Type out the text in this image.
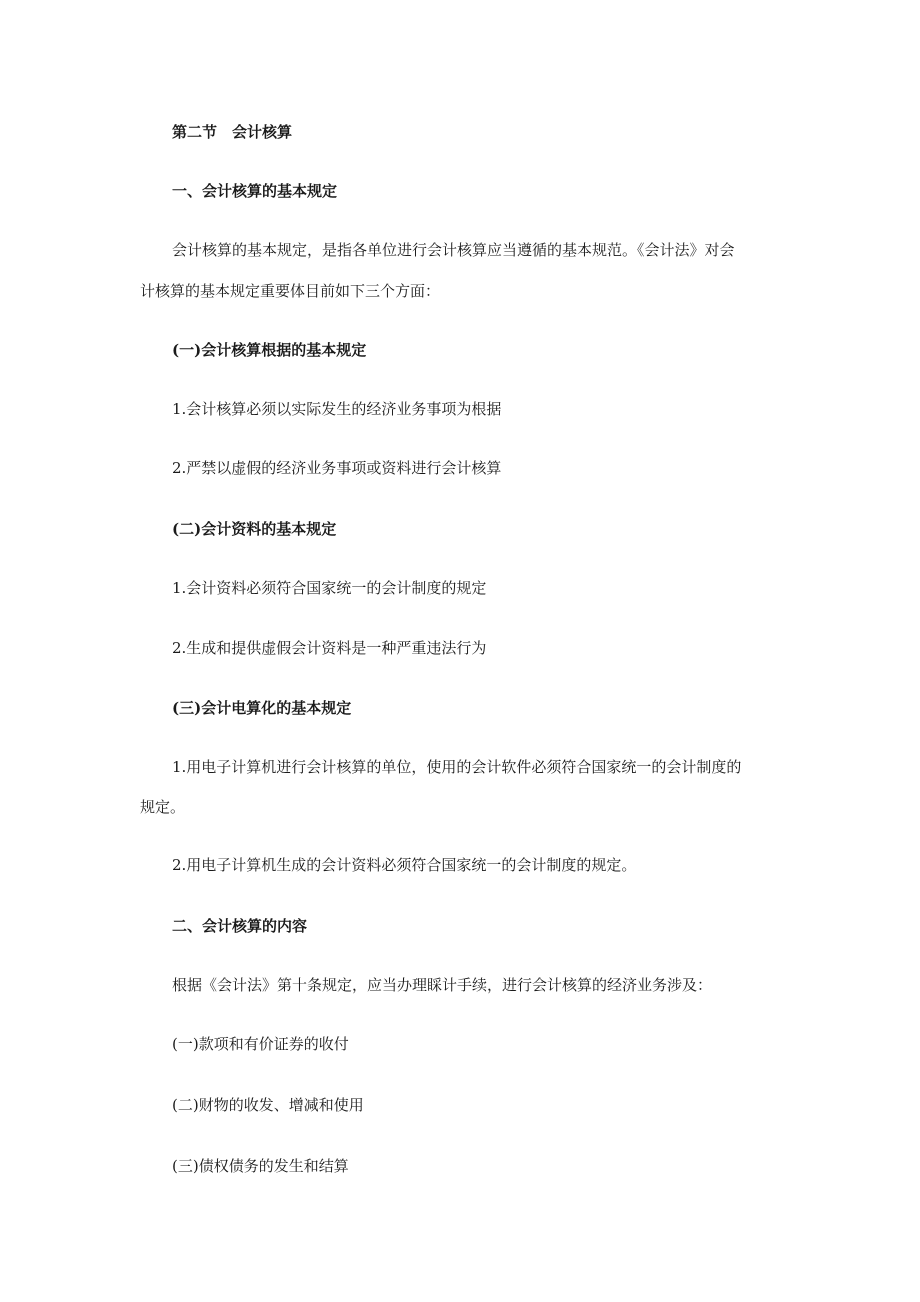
第二节　会计核算
一、会计核算的基本规定
会计核算的基本规定，是指各单位进行会计核算应当遵循的基本规范。《会计法》对会
计核算的基本规定重要体目前如下三个方面：
(一)会计核算根据的基本规定
1.会计核算必须以实际发生的经济业务事项为根据
2.严禁以虚假的经济业务事项或资料进行会计核算
(二)会计资料的基本规定
1.会计资料必须符合国家统一的会计制度的规定
2.生成和提供虚假会计资料是一种严重违法行为
(三)会计电算化的基本规定
1.用电子计算机进行会计核算的单位，使用的会计软件必须符合国家统一的会计制度的
规定。
2.用电子计算机生成的会计资料必须符合国家统一的会计制度的规定。
二、会计核算的内容
根据《会计法》第十条规定，应当办理睬计手续，进行会计核算的经济业务涉及：
(一)款项和有价证券的收付
(二)财物的收发、增减和使用
(三)债权债务的发生和结算
